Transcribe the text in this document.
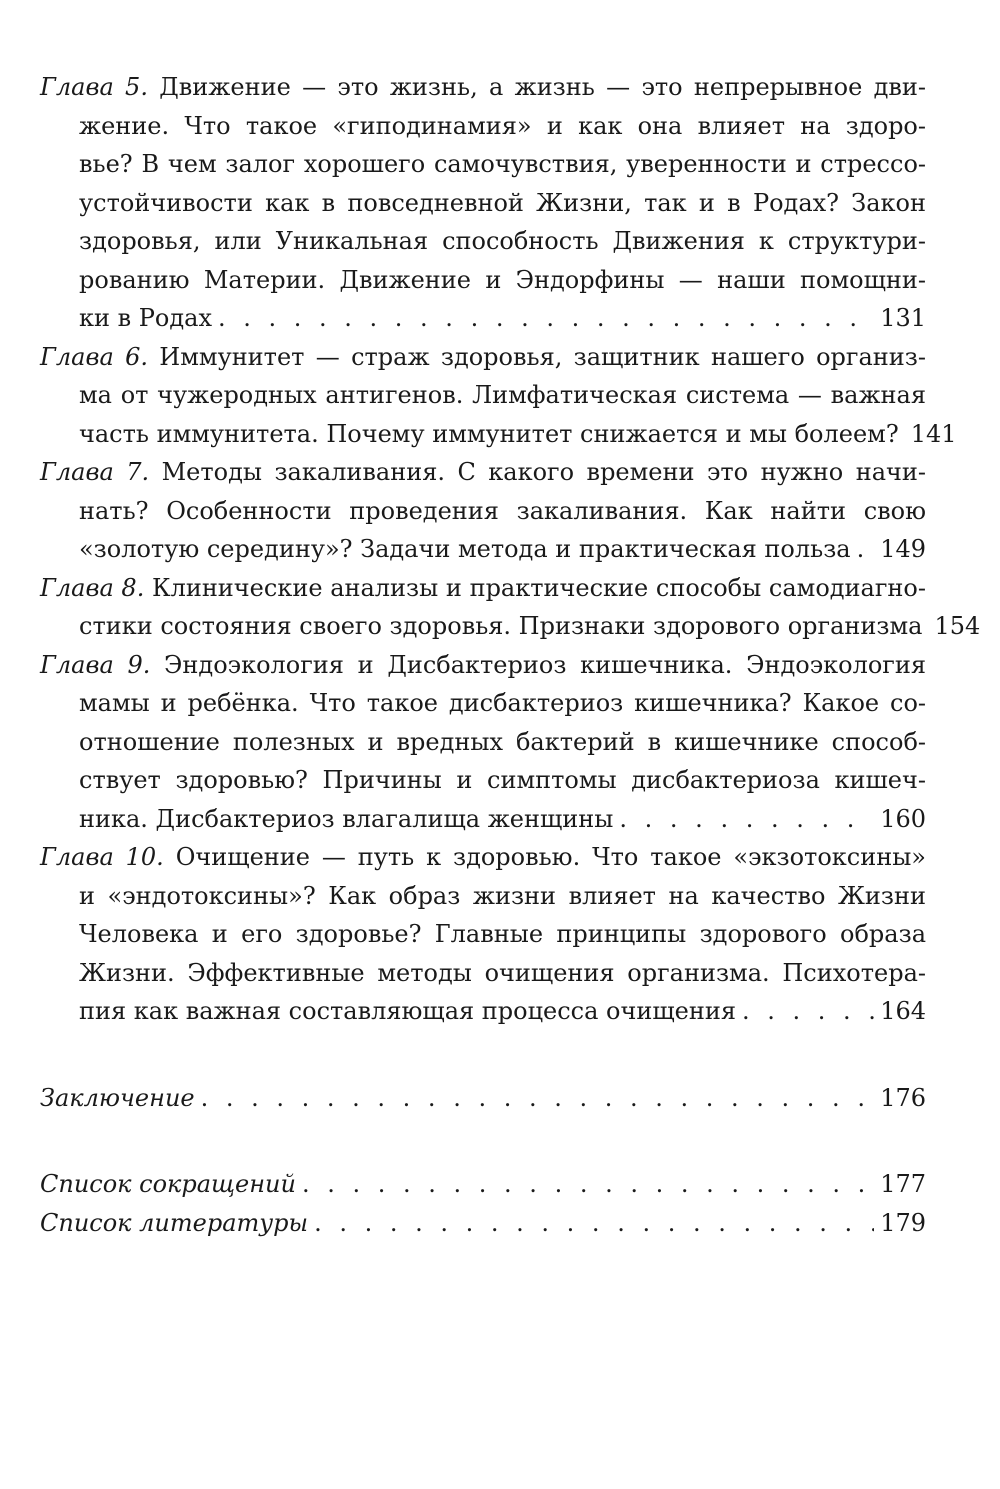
Глава 5. Движение — это жизнь, а жизнь — это непрерывное дви-
жение. Что такое «гиподинамия» и как она влияет на здоро-
вье? В чем залог хорошего самочувствия, уверенности и стрессо-
устойчивости как в повседневной Жизни, так и в Родах? Закон
здоровья, или Уникальная способность Движения к структури-
рованию Материи. Движение и Эндорфины — наши помощни-
ки в Родах . . .	131
Глава 6. Иммунитет — страж здоровья, защитник нашего организ-
ма от чужеродных антигенов. Лимфатическая система — важная
часть иммунитета. Почему иммунитет снижается и мы болеем? 141
Глава 7. Методы закаливания. С какого времени это нужно начи-
нать? Особенности проведения закаливания. Как найти свою
«золотую середину»? Задачи метода и практическая польза . . . 149
Глава 8. Клинические анализы и практические способы самодиагно-
стики состояния своего здоровья. Признаки здорового организма 154
Глава 9. Эндоэкология и Дисбактериоз кишечника. Эндоэкология
мамы и ребёнка. Что такое дисбактериоз кишечника? Какое со-
отношение полезных и вредных бактерий в кишечнике способ-
ствует здоровью? Причины и симптомы дисбактериоза кишеч-
ника. Дисбактериоз влагалища женщины . . .	160
Глава 10. Очищение — путь к здоровью. Что такое «экзотоксины»
и «эндотоксины»? Как образ жизни влияет на качество Жизни
Человека и его здоровье? Главные принципы здорового образа
Жизни. Эффективные методы очищения организма. Психотера-
пия как важная составляющая процесса очищения . . .	164
Заключение . . .	176
Список сокращений . . .	177
Список литературы . . .	179
